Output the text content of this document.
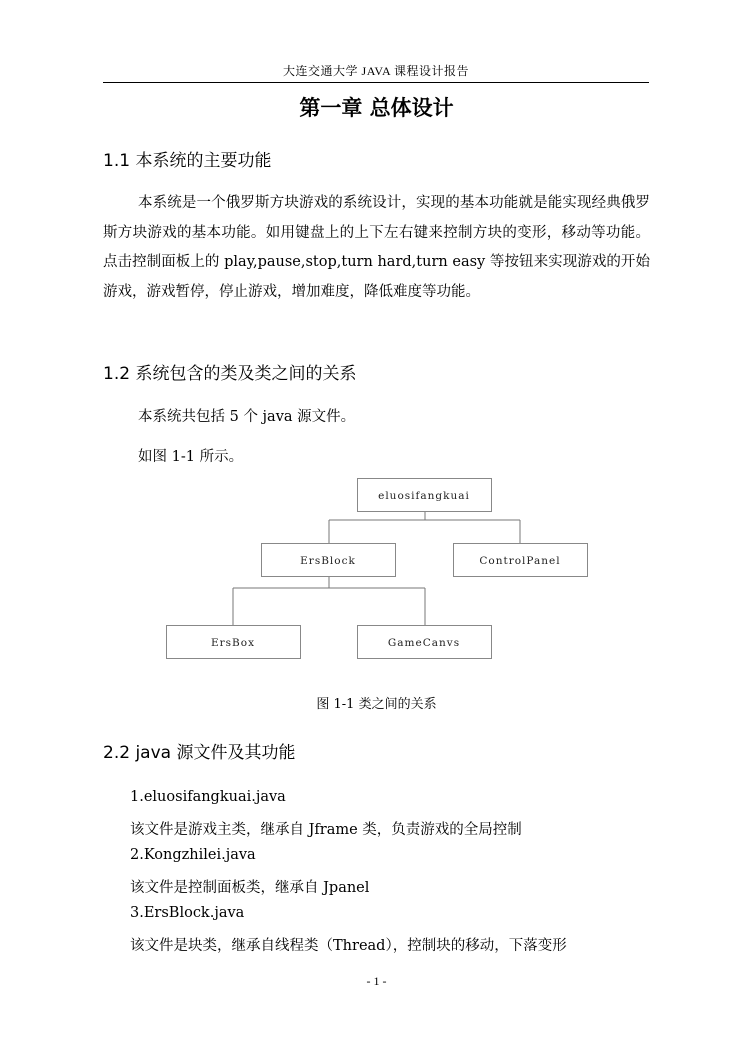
大连交通大学 JAVA 课程设计报告
第一章 总体设计
1.1 本系统的主要功能
本系统是一个俄罗斯方块游戏的系统设计，实现的基本功能就是能实现经典俄罗斯方块游戏的基本功能。如用键盘上的上下左右键来控制方块的变形，移动等功能。点击控制面板上的 play,pause,stop,turn hard,turn easy 等按钮来实现游戏的开始游戏，游戏暂停，停止游戏，增加难度，降低难度等功能。
1.2 系统包含的类及类之间的关系
本系统共包括 5 个 java 源文件。
如图 1-1 所示。
eluosifangkuai
ErsBlock	ControlPanel
ErsBox	GameCanvs
图 1-1 类之间的关系
2.2 java 源文件及其功能
1.eluosifangkuai.java
该文件是游戏主类，继承自 Jframe 类，负责游戏的全局控制
2.Kongzhilei.java
该文件是控制面板类，继承自 Jpanel
3.ErsBlock.java
该文件是块类，继承自线程类（Thread），控制块的移动，下落变形
- 1 -
